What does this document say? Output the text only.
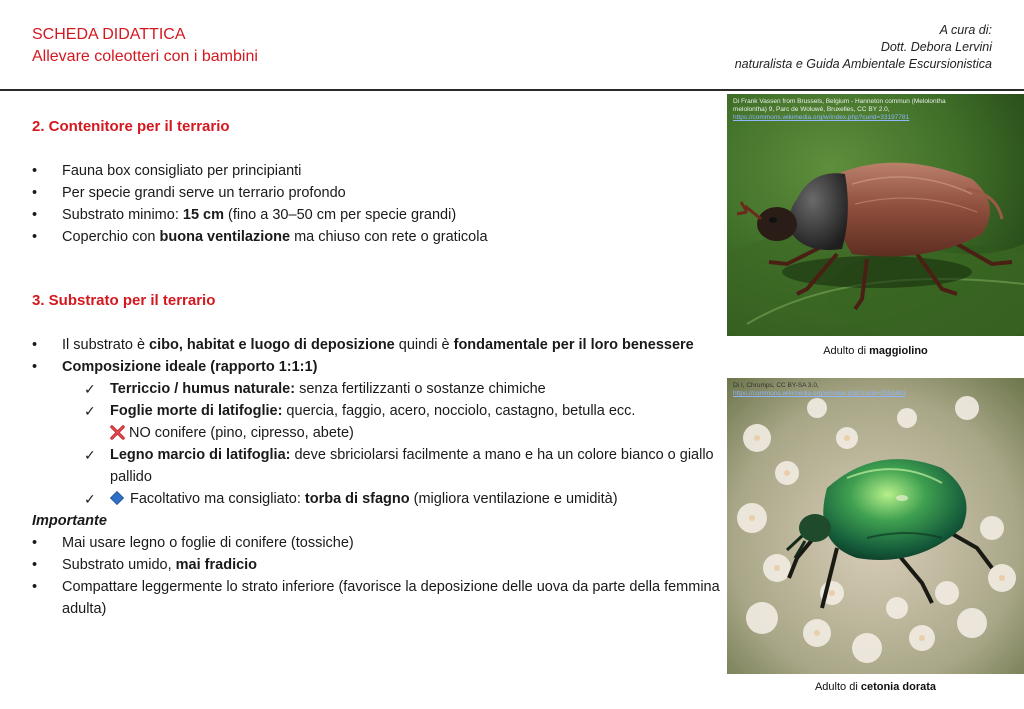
SCHEDA DIDATTICA
Allevare coleotteri con i bambini
A cura di:
Dott. Debora Lervini
naturalista e Guida Ambientale Escursionistica
2. Contenitore per il terrario
• Fauna box consigliato per principianti
• Per specie grandi serve un terrario profondo
• Substrato minimo: 15 cm (fino a 30–50 cm per specie grandi)
• Coperchio con buona ventilazione ma chiuso con rete o graticola
3. Substrato per il terrario
• Il substrato è cibo, habitat e luogo di deposizione quindi è fondamentale per il loro benessere
• Composizione ideale (rapporto 1:1:1)
✓ Terriccio / humus naturale: senza fertilizzanti o sostanze chimiche
✓ Foglie morte di latifoglie: quercia, faggio, acero, nocciolo, castagno, betulla ecc.
NO conifere (pino, cipresso, abete)
✓ Legno marcio di latifoglia: deve sbriciolarsi facilmente a mano e ha un colore bianco o giallo pallido
✓ Facoltativo ma consigliato: torba di sfagno (migliora ventilazione e umidità)
Importante
• Mai usare legno o foglie di conifere (tossiche)
• Substrato umido, mai fradicio
• Compattare leggermente lo strato inferiore (favorisce la deposizione delle uova da parte della femmina adulta)
Di Frank Vassen from Brussels, Belgium - Hanneton commun (Melolontha melolontha) 9, Parc de Woluwé, Bruxelles, CC BY 2.0,
https://commons.wikimedia.org/w/index.php?curid=33197781
Adulto di maggiolino
Di I, Chrumps, CC BY-SA 3.0,
https://commons.wikimedia.org/w/index.php?curid=2551443
Adulto di cetonia dorata
